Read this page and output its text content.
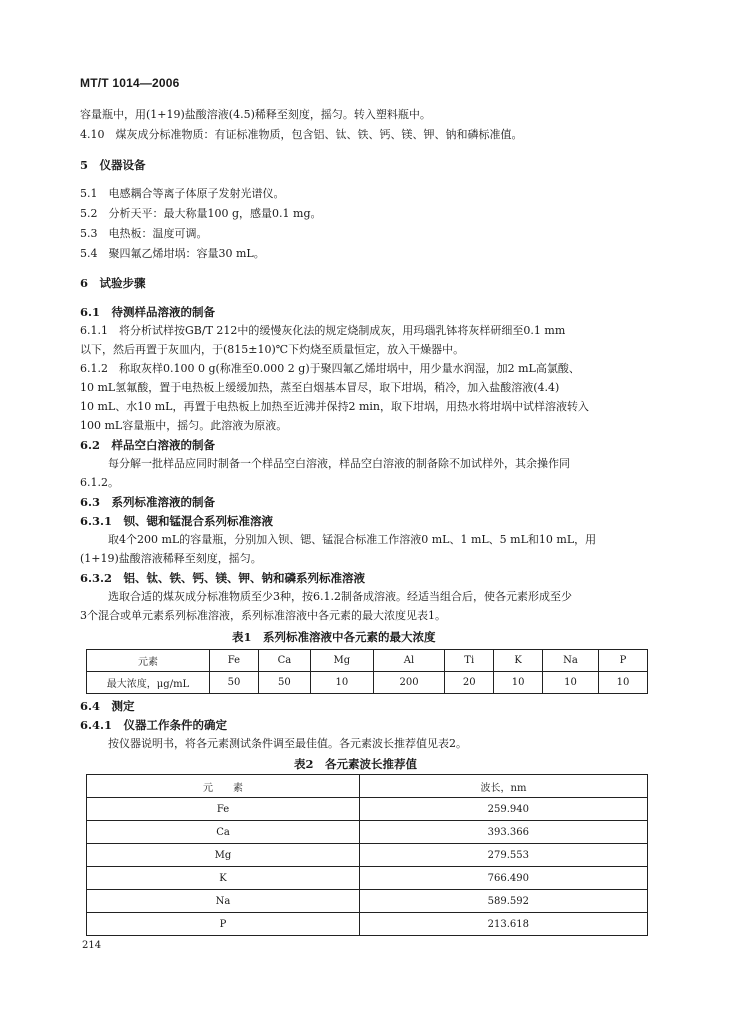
MT/T 1014—2006
容量瓶中，用(1+19)盐酸溶液(4.5)稀释至刻度，摇匀。转入塑料瓶中。
4.10　煤灰成分标准物质：有证标准物质，包含铝、钛、铁、钙、镁、钾、钠和磷标准值。
5　仪器设备
5.1　电感耦合等离子体原子发射光谱仪。
5.2　分析天平：最大称量100 g，感量0.1 mg。
5.3　电热板：温度可调。
5.4　聚四氟乙烯坩埚：容量30 mL。
6　试验步骤
6.1　待测样品溶液的制备
6.1.1　将分析试样按GB/T 212中的缓慢灰化法的规定烧制成灰，用玛瑙乳钵将灰样研细至0.1 mm
以下，然后再置于灰皿内，于(815±10)℃下灼烧至质量恒定，放入干燥器中。
6.1.2　称取灰样0.100 0 g(称准至0.000 2 g)于聚四氟乙烯坩埚中，用少量水润湿，加2 mL高氯酸、
10 mL氢氟酸，置于电热板上缓缓加热，蒸至白烟基本冒尽，取下坩埚，稍冷，加入盐酸溶液(4.4)
10 mL、水10 mL，再置于电热板上加热至近沸并保持2 min，取下坩埚，用热水将坩埚中试样溶液转入
100 mL容量瓶中，摇匀。此溶液为原液。
6.2　样品空白溶液的制备
每分解一批样品应同时制备一个样品空白溶液，样品空白溶液的制备除不加试样外，其余操作同
6.1.2。
6.3　系列标准溶液的制备
6.3.1　钡、锶和锰混合系列标准溶液
取4个200 mL的容量瓶，分别加入钡、锶、锰混合标准工作溶液0 mL、1 mL、5 mL和10 mL，用
(1+19)盐酸溶液稀释至刻度，摇匀。
6.3.2　铝、钛、铁、钙、镁、钾、钠和磷系列标准溶液
选取合适的煤灰成分标准物质至少3种，按6.1.2制备成溶液。经适当组合后，使各元素形成至少
3个混合或单元素系列标准溶液，系列标准溶液中各元素的最大浓度见表1。
表1　系列标准溶液中各元素的最大浓度
元素	Fe	Ca	Mg	Al	Ti	K	Na	P
最大浓度，μg/mL	50	50	10	200	20	10	10	10
6.4　测定
6.4.1　仪器工作条件的确定
按仪器说明书，将各元素测试条件调至最佳值。各元素波长推荐值见表2。
表2　各元素波长推荐值
元　　素	波长，nm
Fe	259.940
Ca	393.366
Mg	279.553
K	766.490
Na	589.592
P	213.618
214
